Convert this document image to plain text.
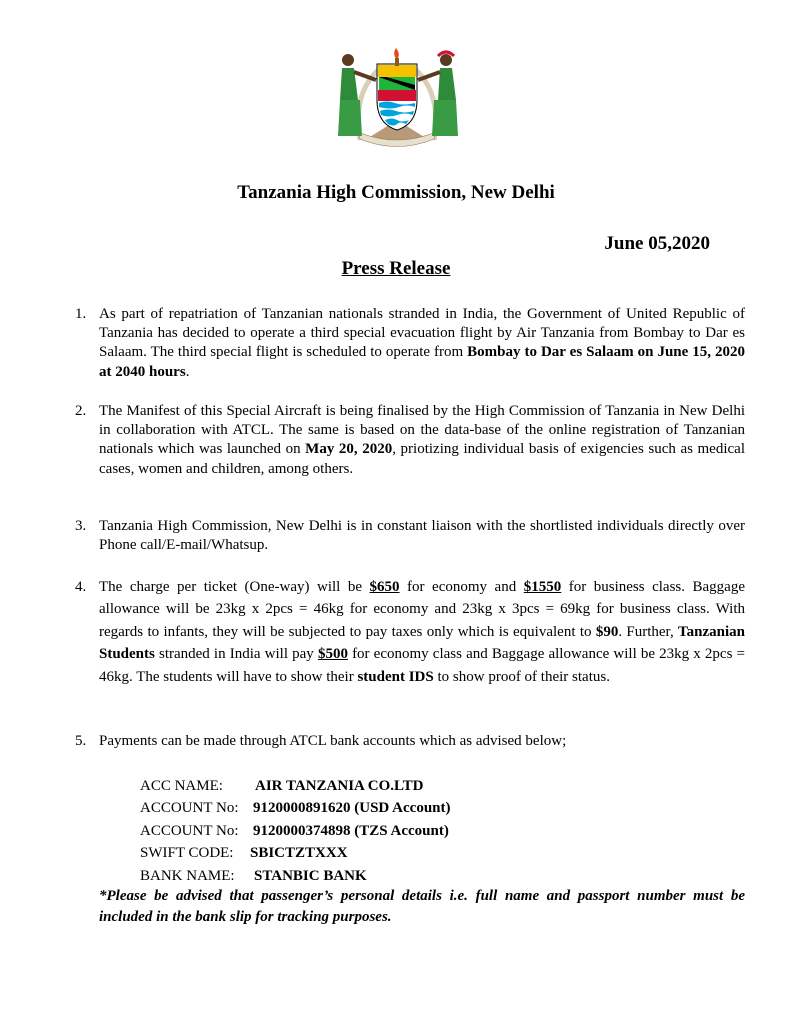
Tanzania High Commission, New Delhi
June 05,2020
Press Release
1. As part of repatriation of Tanzanian nationals stranded in India, the Government of United Republic of Tanzania has decided to operate a third special evacuation flight by Air Tanzania from Bombay to Dar es Salaam. The third special flight is scheduled to operate from Bombay to Dar es Salaam on June 15, 2020 at 2040 hours.

2. The Manifest of this Special Aircraft is being finalised by the High Commission of Tanzania in New Delhi in collaboration with ATCL. The same is based on the data-base of the online registration of Tanzanian nationals which was launched on May 20, 2020, priotizing individual basis of exigencies such as medical cases, women and children, among others.

3. Tanzania High Commission, New Delhi is in constant liaison with the shortlisted individuals directly over Phone call/E-mail/Whatsup.

4. The charge per ticket (One-way) will be $650 for economy and $1550 for business class. Baggage allowance will be 23kg x 2pcs = 46kg for economy and 23kg x 3pcs = 69kg for business class. With regards to infants, they will be subjected to pay taxes only which is equivalent to $90. Further, Tanzanian Students stranded in India will pay $500 for economy class and Baggage allowance will be 23kg x 2pcs = 46kg. The students will have to show their student IDS to show proof of their status.

5. Payments can be made through ATCL bank accounts which as advised below;

ACC NAME:	AIR TANZANIA CO.LTD
ACCOUNT No: 9120000891620 (USD Account)
ACCOUNT No: 9120000374898 (TZS Account)
SWIFT CODE:	SBICTZTXXX
BANK NAME:	STANBIC BANK
*Please be advised that passenger’s personal details i.e. full name and passport number must be included in the bank slip for tracking purposes.
